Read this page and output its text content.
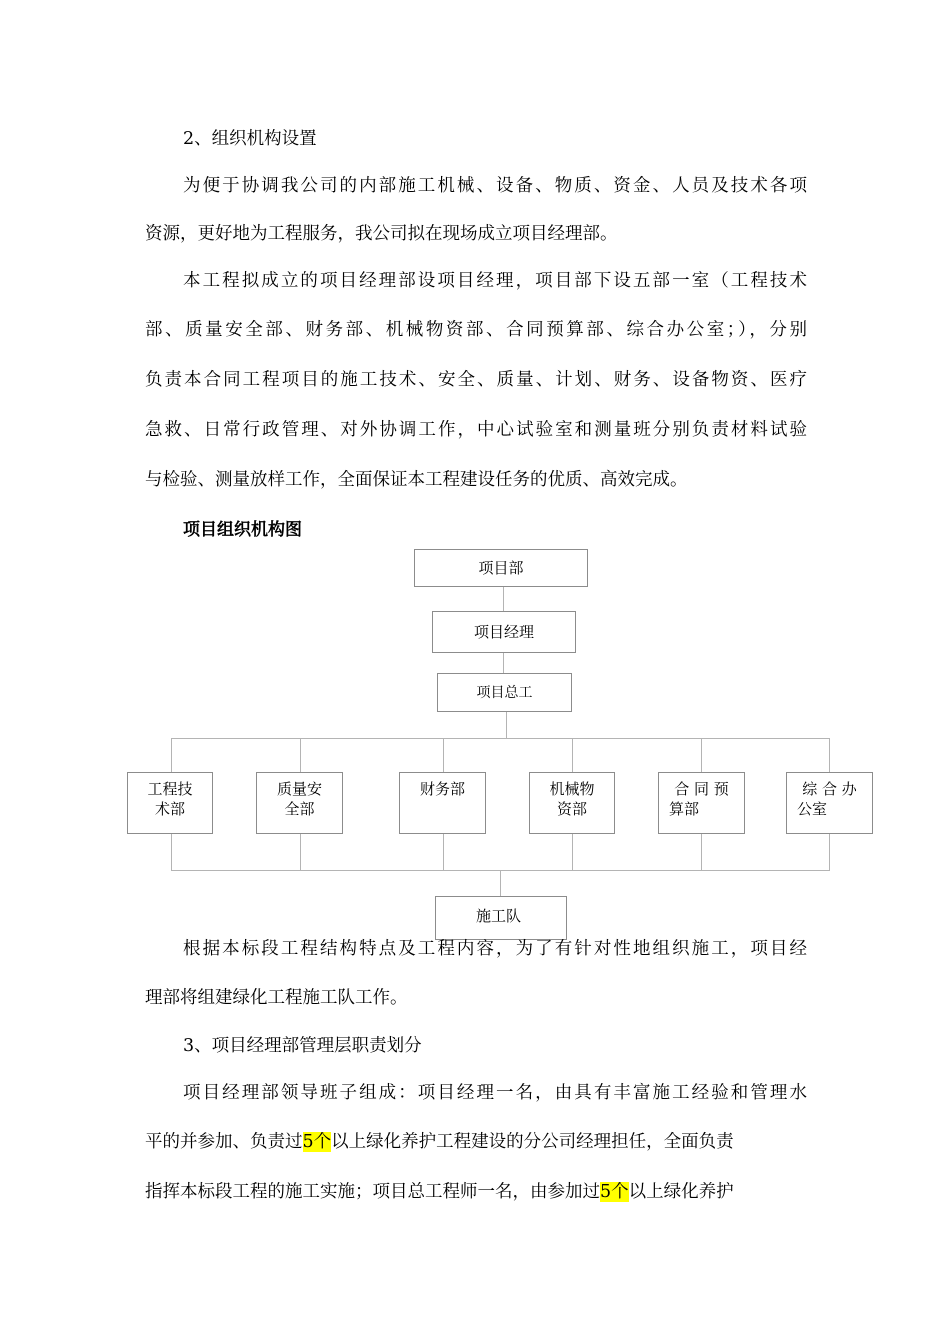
2、组织机构设置
为便于协调我公司的内部施工机械、设备、物质、资金、人员及技术各项
资源，更好地为工程服务，我公司拟在现场成立项目经理部。
本工程拟成立的项目经理部设项目经理，项目部下设五部一室（工程技术
部、质量安全部、财务部、机械物资部、合同预算部、综合办公室；），分别
负责本合同工程项目的施工技术、安全、质量、计划、财务、设备物资、医疗
急救、日常行政管理、对外协调工作，中心试验室和测量班分别负责材料试验
与检验、测量放样工作，全面保证本工程建设任务的优质、高效完成。
项目组织机构图
项目部
项目经理
项目总工
工程技
术部
质量安
全部
财务部	机械物
资部
合 同 预
算部
综 合 办
公室
施工队
根据本标段工程结构特点及工程内容，为了有针对性地组织施工，项目经
理部将组建绿化工程施工队工作。
3、项目经理部管理层职责划分
项目经理部领导班子组成：项目经理一名，由具有丰富施工经验和管理水
平的并参加、负责过5个以上绿化养护工程建设的分公司经理担任，全面负责
指挥本标段工程的施工实施；项目总工程师一名，由参加过5个以上绿化养护
